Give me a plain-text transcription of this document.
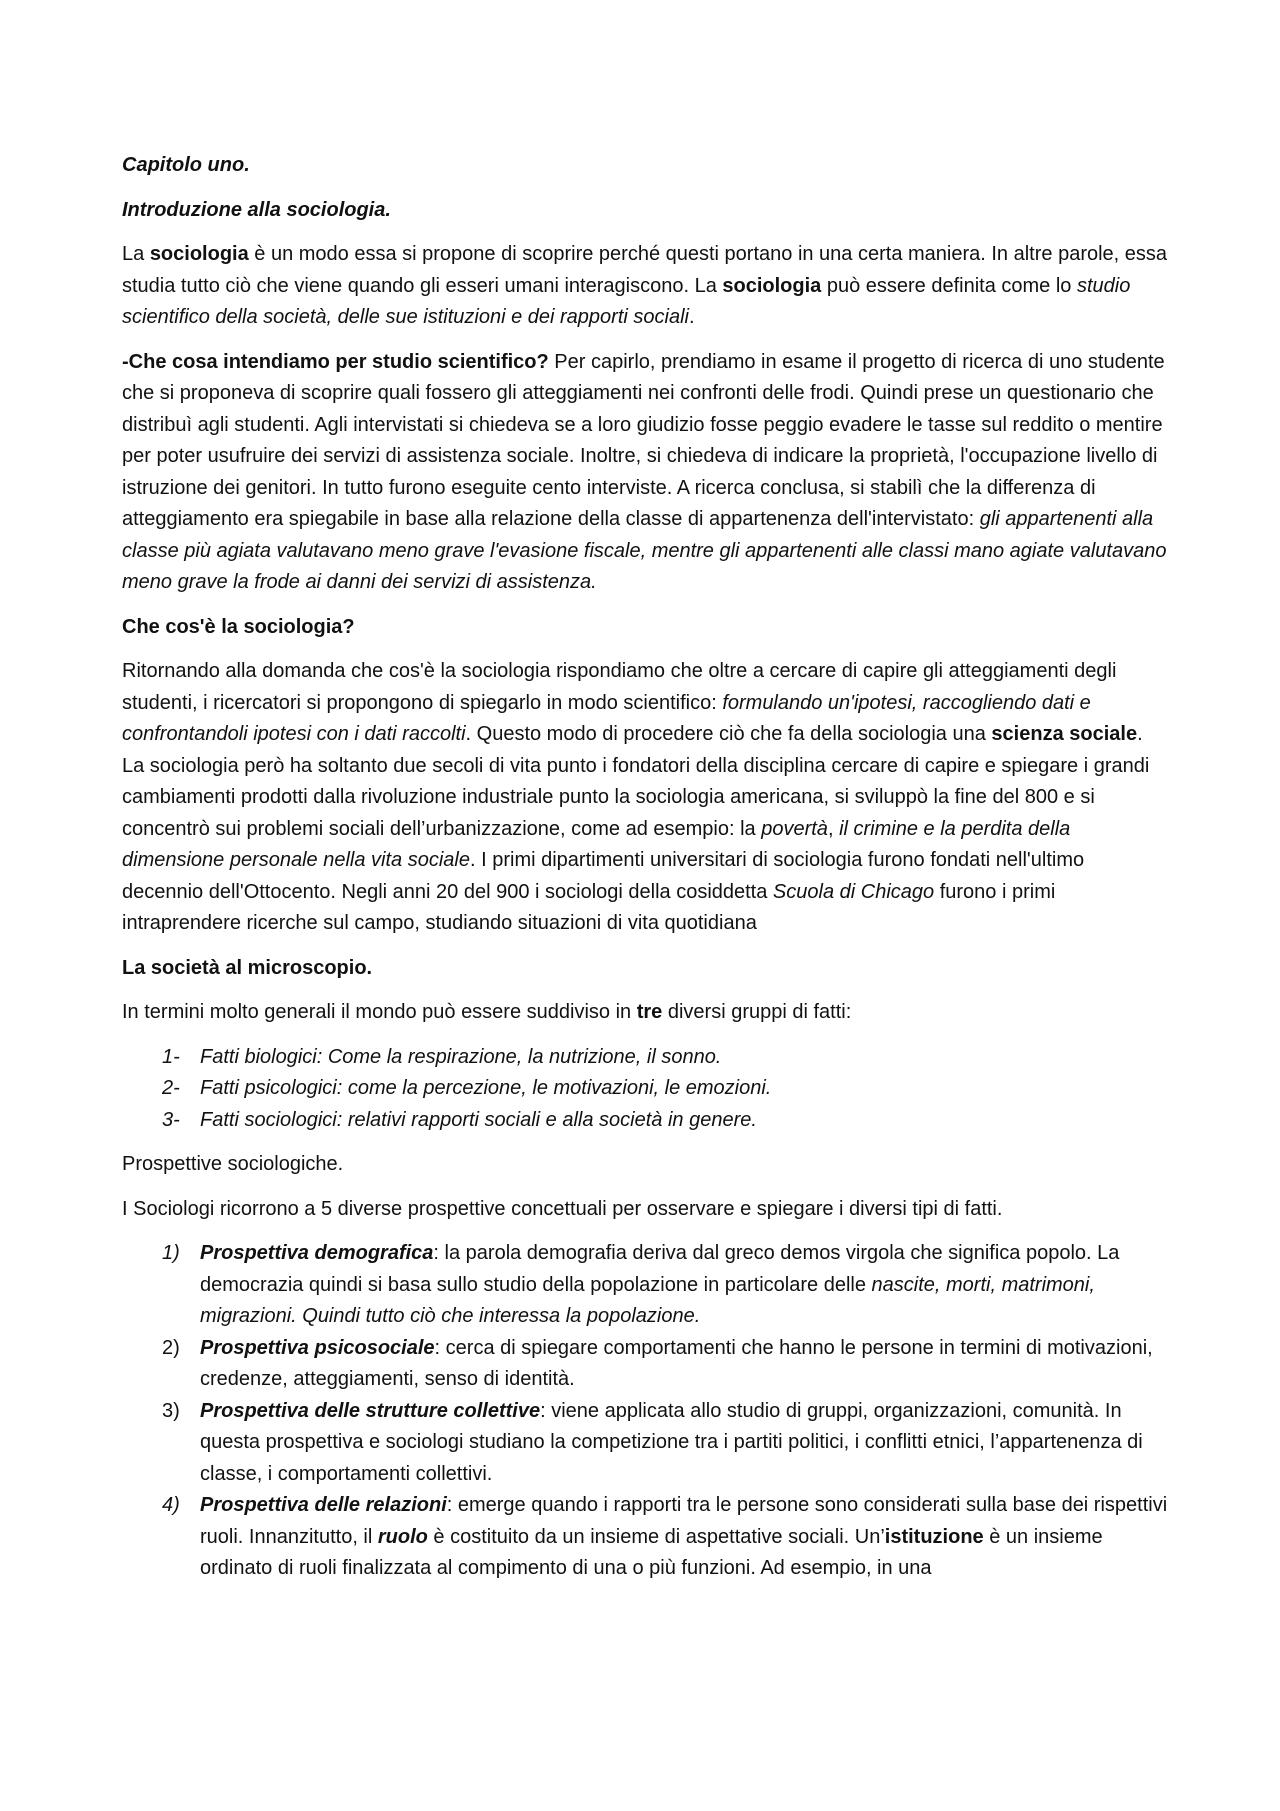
Capitolo uno.

Introduzione alla sociologia.

La sociologia è un modo essa si propone di scoprire perché questi portano in una certa maniera. In altre parole, essa studia tutto ciò che viene quando gli esseri umani interagiscono. La sociologia può essere definita come lo studio scientifico della società, delle sue istituzioni e dei rapporti sociali.

-Che cosa intendiamo per studio scientifico? Per capirlo, prendiamo in esame il progetto di ricerca di uno studente che si proponeva di scoprire quali fossero gli atteggiamenti nei confronti delle frodi. Quindi prese un questionario che distribuì agli studenti. Agli intervistati si chiedeva se a loro giudizio fosse peggio evadere le tasse sul reddito o mentire per poter usufruire dei servizi di assistenza sociale. Inoltre, si chiedeva di indicare la proprietà, l'occupazione livello di istruzione dei genitori. In tutto furono eseguite cento interviste. A ricerca conclusa, si stabilì che la differenza di atteggiamento era spiegabile in base alla relazione della classe di appartenenza dell'intervistato: gli appartenenti alla classe più agiata valutavano meno grave l'evasione fiscale, mentre gli appartenenti alle classi mano agiate valutavano meno grave la frode ai danni dei servizi di assistenza.

Che cos'è la sociologia?

Ritornando alla domanda che cos'è la sociologia rispondiamo che oltre a cercare di capire gli atteggiamenti degli studenti, i ricercatori si propongono di spiegarlo in modo scientifico: formulando un'ipotesi, raccogliendo dati e confrontandoli ipotesi con i dati raccolti. Questo modo di procedere ciò che fa della sociologia una scienza sociale. La sociologia però ha soltanto due secoli di vita punto i fondatori della disciplina cercare di capire e spiegare i grandi cambiamenti prodotti dalla rivoluzione industriale punto la sociologia americana, si sviluppò la fine del 800 e si concentrò sui problemi sociali dell’urbanizzazione, come ad esempio: la povertà, il crimine e la perdita della dimensione personale nella vita sociale. I primi dipartimenti universitari di sociologia furono fondati nell'ultimo decennio dell'Ottocento. Negli anni 20 del 900 i sociologi della cosiddetta Scuola di Chicago furono i primi intraprendere ricerche sul campo, studiando situazioni di vita quotidiana

La società al microscopio.

In termini molto generali il mondo può essere suddiviso in tre diversi gruppi di fatti:

1- Fatti biologici: Come la respirazione, la nutrizione, il sonno.
2- Fatti psicologici: come la percezione, le motivazioni, le emozioni.
3- Fatti sociologici: relativi rapporti sociali e alla società in genere.

Prospettive sociologiche.

I Sociologi ricorrono a 5 diverse prospettive concettuali per osservare e spiegare i diversi tipi di fatti.

1) Prospettiva demografica: la parola demografia deriva dal greco demos virgola che significa popolo. La democrazia quindi si basa sullo studio della popolazione in particolare delle nascite, morti, matrimoni, migrazioni. Quindi tutto ciò che interessa la popolazione.
2) Prospettiva psicosociale: cerca di spiegare comportamenti che hanno le persone in termini di motivazioni, credenze, atteggiamenti, senso di identità.
3) Prospettiva delle strutture collettive: viene applicata allo studio di gruppi, organizzazioni, comunità. In questa prospettiva e sociologi studiano la competizione tra i partiti politici, i conflitti etnici, l’appartenenza di classe, i comportamenti collettivi.
4) Prospettiva delle relazioni: emerge quando i rapporti tra le persone sono considerati sulla base dei rispettivi ruoli. Innanzitutto, il ruolo è costituito da un insieme di aspettative sociali. Un’istituzione è un insieme ordinato di ruoli finalizzata al compimento di una o più funzioni. Ad esempio, in una
